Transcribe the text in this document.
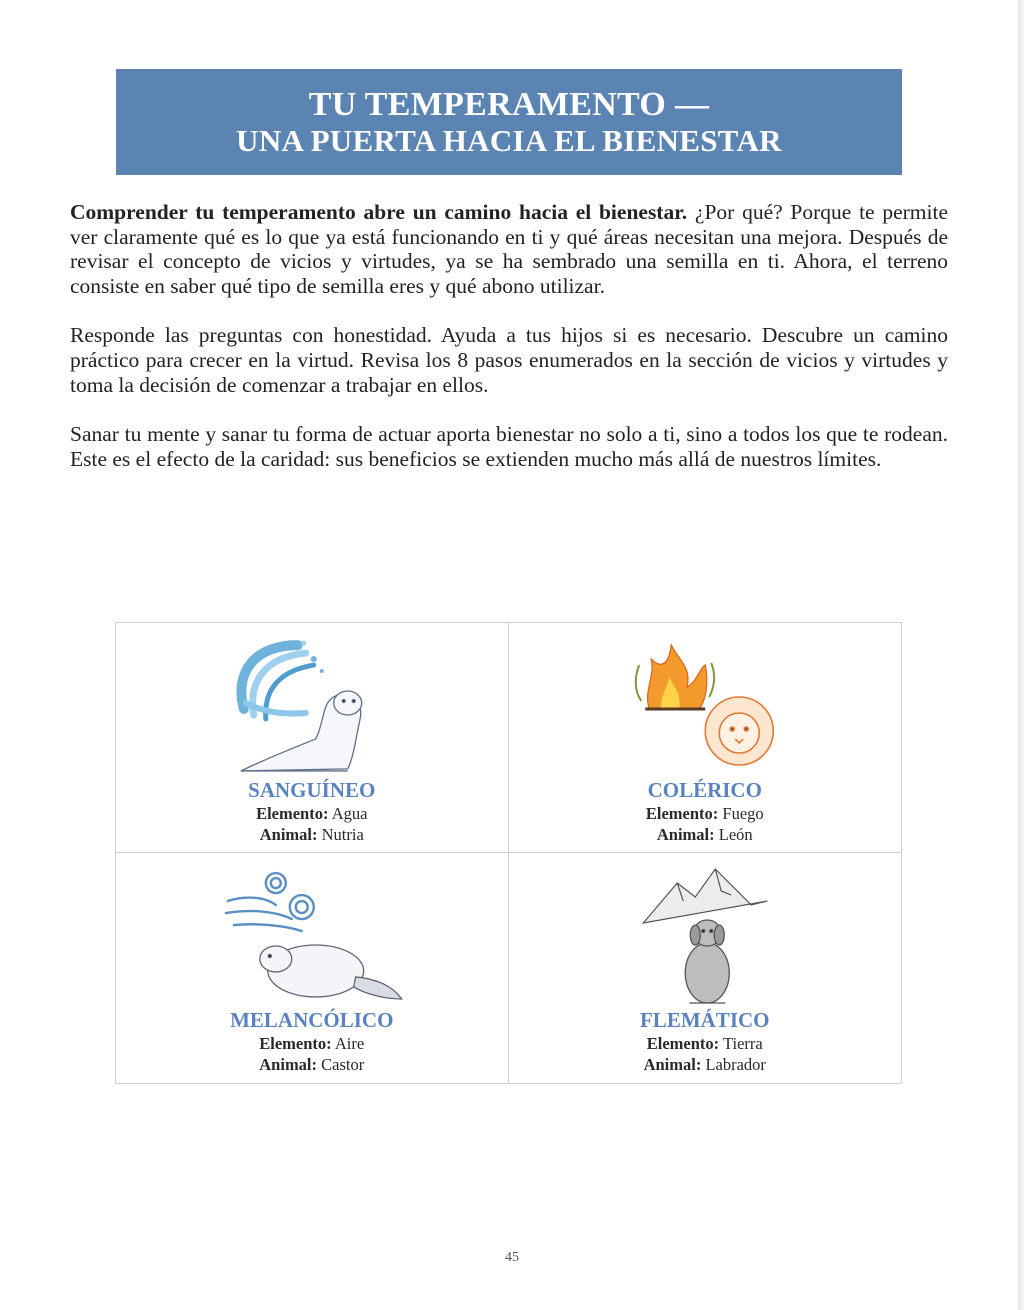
TU TEMPERAMENTO —
UNA PUERTA HACIA EL BIENESTAR

Comprender tu temperamento abre un camino hacia el bienestar. ¿Por qué? Porque te permite ver claramente qué es lo que ya está funcionando en ti y qué áreas necesitan una mejora. Después de revisar el concepto de vicios y virtudes, ya se ha sembrado una semilla en ti. Ahora, el terreno consiste en saber qué tipo de semilla eres y qué abono utilizar.

Responde las preguntas con honestidad. Ayuda a tus hijos si es necesario. Descubre un camino práctico para crecer en la virtud. Revisa los 8 pasos enumerados en la sección de vicios y virtudes y toma la decisión de comenzar a trabajar en ellos.

Sanar tu mente y sanar tu forma de actuar aporta bienestar no solo a ti, sino a todos los que te rodean. Este es el efecto de la caridad: sus beneficios se extienden mucho más allá de nuestros límites.

SANGUÍNEO
Elemento: Agua
Animal: Nutria
COLÉRICO
Elemento: Fuego
Animal: León
MELANCÓLICO
Elemento: Aire
Animal: Castor
FLEMÁTICO
Elemento: Tierra
Animal: Labrador
45
